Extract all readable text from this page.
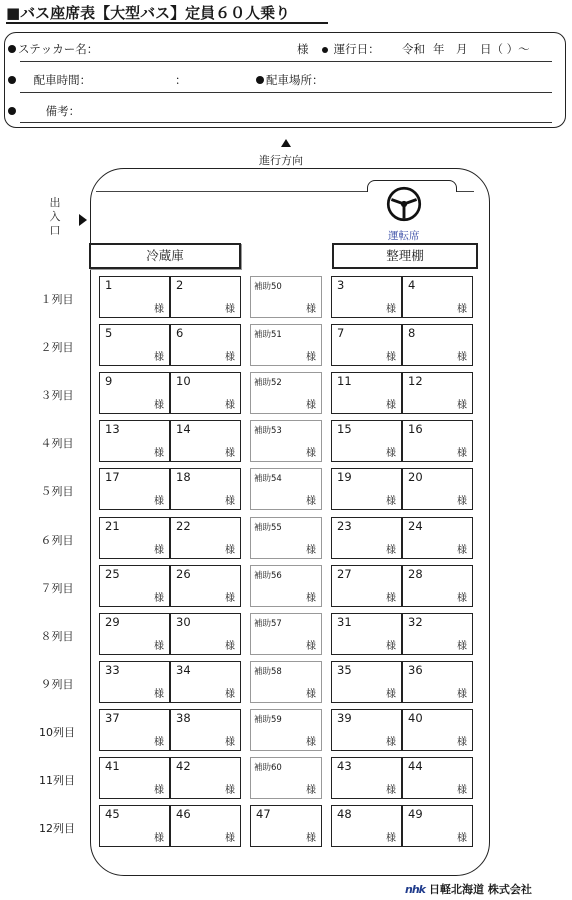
■バス座席表【大型バス】定員６０人乗り
ステッカー名：	様	運行日： 令和 年 月 日（ ）～
配車時間：	：	配車場所：
備考：
進行方向
出
入
口	運転席
冷蔵庫	整理棚
１列目
1
様
2
様
補助50
様
3
様
4
様
２列目
5
様
6
様
補助51
様
7
様
8
様
３列目
9
様
10
様
補助52
様
11
様
12
様
４列目
13
様
14
様
補助53
様
15
様
16
様
５列目
17
様
18
様
補助54
様
19
様
20
様
６列目
21
様
22
様
補助55
様
23
様
24
様
７列目
25
様
26
様
補助56
様
27
様
28
様
８列目
29
様
30
様
補助57
様
31
様
32
様
９列目
33
様
34
様
補助58
様
35
様
36
様
10列目
37
様
38
様
補助59
様
39
様
40
様
11列目
41
様
42
様
補助60
様
43
様
44
様
12列目
45
様
46
様
47
様
48
様
49
様
nhk 日軽北海道 株式会社
